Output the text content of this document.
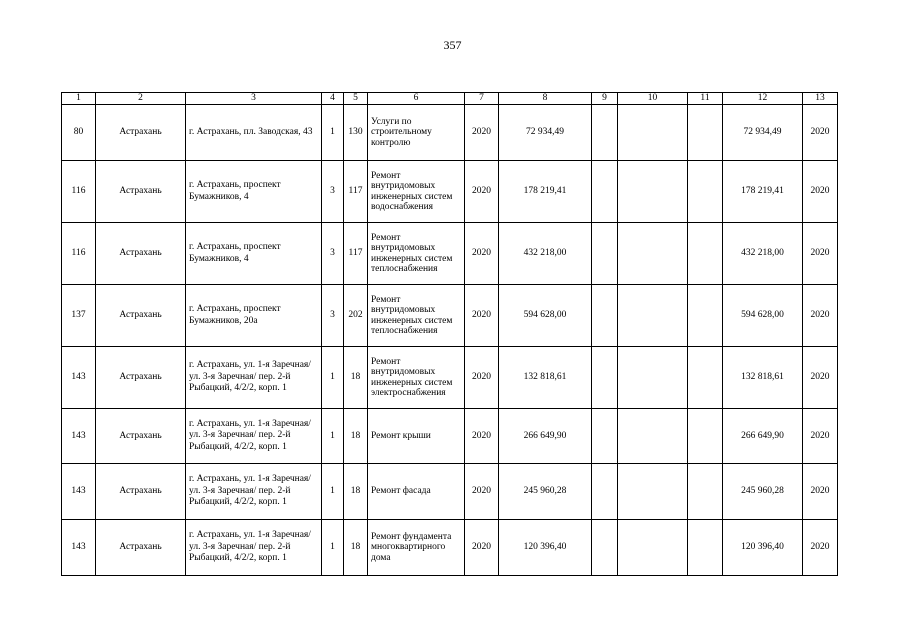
357
1	2	3	4	5	6	7	8	9	10	11	12	13
80	Астрахань	г. Астрахань, пл. Заводская, 43	1	130	Услуги по строительному контролю	2020	72 934,49				72 934,49	2020
116	Астрахань	г. Астрахань, проспект Бумажников, 4	3	117	Ремонт внутридомовых инженерных систем водоснабжения	2020	178 219,41				178 219,41	2020
116	Астрахань	г. Астрахань, проспект Бумажников, 4	3	117	Ремонт внутридомовых инженерных систем теплоснабжения	2020	432 218,00				432 218,00	2020
137	Астрахань	г. Астрахань, проспект Бумажников, 20а	3	202	Ремонт внутридомовых инженерных систем теплоснабжения	2020	594 628,00				594 628,00	2020
143	Астрахань	г. Астрахань, ул. 1-я Заречная/ ул. 3-я Заречная/ пер. 2-й Рыбацкий, 4/2/2, корп. 1	1	18	Ремонт внутридомовых инженерных систем электроснабжения	2020	132 818,61				132 818,61	2020
143	Астрахань	г. Астрахань, ул. 1-я Заречная/ ул. 3-я Заречная/ пер. 2-й Рыбацкий, 4/2/2, корп. 1	1	18	Ремонт крыши	2020	266 649,90				266 649,90	2020
143	Астрахань	г. Астрахань, ул. 1-я Заречная/ ул. 3-я Заречная/ пер. 2-й Рыбацкий, 4/2/2, корп. 1	1	18	Ремонт фасада	2020	245 960,28				245 960,28	2020
143	Астрахань	г. Астрахань, ул. 1-я Заречная/ ул. 3-я Заречная/ пер. 2-й Рыбацкий, 4/2/2, корп. 1	1	18	Ремонт фундамента многоквартирного дома	2020	120 396,40				120 396,40	2020
